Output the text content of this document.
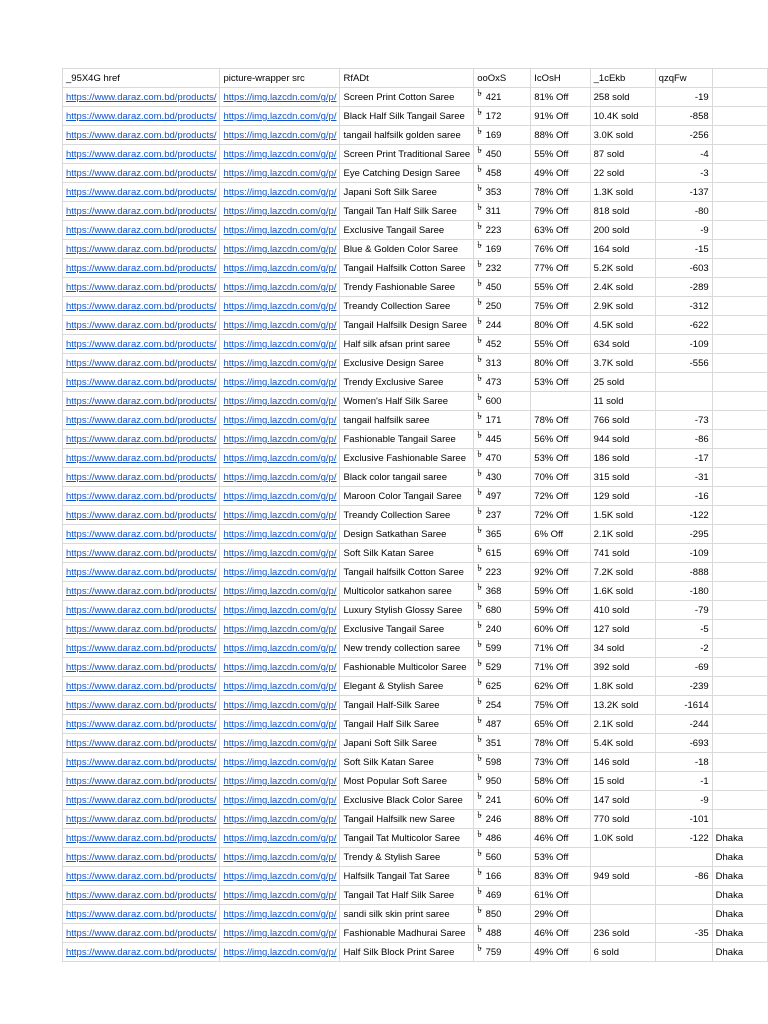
_95X4G href	picture-wrapper src	RfADt	ooOxS	IcOsH	_1cEkb	qzqFw	
https://www.daraz.com.bd/products/	https://img.lazcdn.com/g/p/	Screen Print Cotton Saree	৳ 421	81% Off	258 sold	-19	
https://www.daraz.com.bd/products/	https://img.lazcdn.com/g/p/	Black Half Silk Tangail Saree	৳ 172	91% Off	10.4K sold	-858	
https://www.daraz.com.bd/products/	https://img.lazcdn.com/g/p/	tangail halfsilk golden saree	৳ 169	88% Off	3.0K sold	-256	
https://www.daraz.com.bd/products/	https://img.lazcdn.com/g/p/	Screen Print Traditional Saree	৳ 450	55% Off	87 sold	-4	
https://www.daraz.com.bd/products/	https://img.lazcdn.com/g/p/	Eye Catching Design Saree	৳ 458	49% Off	22 sold	-3	
https://www.daraz.com.bd/products/	https://img.lazcdn.com/g/p/	Japani Soft Silk Saree	৳ 353	78% Off	1.3K sold	-137	
https://www.daraz.com.bd/products/	https://img.lazcdn.com/g/p/	Tangail Tan Half Silk Saree	৳ 311	79% Off	818 sold	-80	
https://www.daraz.com.bd/products/	https://img.lazcdn.com/g/p/	Exclusive Tangail Saree	৳ 223	63% Off	200 sold	-9	
https://www.daraz.com.bd/products/	https://img.lazcdn.com/g/p/	Blue & Golden Color Saree	৳ 169	76% Off	164 sold	-15	
https://www.daraz.com.bd/products/	https://img.lazcdn.com/g/p/	Tangail Halfsilk Cotton Saree	৳ 232	77% Off	5.2K sold	-603	
https://www.daraz.com.bd/products/	https://img.lazcdn.com/g/p/	Trendy Fashionable Saree	৳ 450	55% Off	2.4K sold	-289	
https://www.daraz.com.bd/products/	https://img.lazcdn.com/g/p/	Treandy Collection Saree	৳ 250	75% Off	2.9K sold	-312	
https://www.daraz.com.bd/products/	https://img.lazcdn.com/g/p/	Tangail Halfsilk Design Saree	৳ 244	80% Off	4.5K sold	-622	
https://www.daraz.com.bd/products/	https://img.lazcdn.com/g/p/	Half silk afsan print saree	৳ 452	55% Off	634 sold	-109	
https://www.daraz.com.bd/products/	https://img.lazcdn.com/g/p/	Exclusive Design Saree	৳ 313	80% Off	3.7K sold	-556	
https://www.daraz.com.bd/products/	https://img.lazcdn.com/g/p/	Trendy Exclusive Saree	৳ 473	53% Off	25 sold		
https://www.daraz.com.bd/products/	https://img.lazcdn.com/g/p/	Women's Half Silk Saree	৳ 600		11 sold		
https://www.daraz.com.bd/products/	https://img.lazcdn.com/g/p/	tangail halfsilk saree	৳ 171	78% Off	766 sold	-73	
https://www.daraz.com.bd/products/	https://img.lazcdn.com/g/p/	Fashionable Tangail Saree	৳ 445	56% Off	944 sold	-86	
https://www.daraz.com.bd/products/	https://img.lazcdn.com/g/p/	Exclusive Fashionable Saree	৳ 470	53% Off	186 sold	-17	
https://www.daraz.com.bd/products/	https://img.lazcdn.com/g/p/	Black color tangail saree	৳ 430	70% Off	315 sold	-31	
https://www.daraz.com.bd/products/	https://img.lazcdn.com/g/p/	Maroon Color Tangail Saree	৳ 497	72% Off	129 sold	-16	
https://www.daraz.com.bd/products/	https://img.lazcdn.com/g/p/	Treandy Collection Saree	৳ 237	72% Off	1.5K sold	-122	
https://www.daraz.com.bd/products/	https://img.lazcdn.com/g/p/	Design Satkathan Saree	৳ 365	6% Off	2.1K sold	-295	
https://www.daraz.com.bd/products/	https://img.lazcdn.com/g/p/	Soft Silk Katan Saree	৳ 615	69% Off	741 sold	-109	
https://www.daraz.com.bd/products/	https://img.lazcdn.com/g/p/	Tangail halfsilk Cotton Saree	৳ 223	92% Off	7.2K sold	-888	
https://www.daraz.com.bd/products/	https://img.lazcdn.com/g/p/	Multicolor satkahon saree	৳ 368	59% Off	1.6K sold	-180	
https://www.daraz.com.bd/products/	https://img.lazcdn.com/g/p/	Luxury Stylish Glossy Saree	৳ 680	59% Off	410 sold	-79	
https://www.daraz.com.bd/products/	https://img.lazcdn.com/g/p/	Exclusive Tangail Saree	৳ 240	60% Off	127 sold	-5	
https://www.daraz.com.bd/products/	https://img.lazcdn.com/g/p/	New trendy collection saree	৳ 599	71% Off	34 sold	-2	
https://www.daraz.com.bd/products/	https://img.lazcdn.com/g/p/	Fashionable Multicolor Saree	৳ 529	71% Off	392 sold	-69	
https://www.daraz.com.bd/products/	https://img.lazcdn.com/g/p/	Elegant & Stylish Saree	৳ 625	62% Off	1.8K sold	-239	
https://www.daraz.com.bd/products/	https://img.lazcdn.com/g/p/	Tangail Half-Silk Saree	৳ 254	75% Off	13.2K sold	-1614	
https://www.daraz.com.bd/products/	https://img.lazcdn.com/g/p/	Tangail Half Silk Saree	৳ 487	65% Off	2.1K sold	-244	
https://www.daraz.com.bd/products/	https://img.lazcdn.com/g/p/	Japani Soft Silk Saree	৳ 351	78% Off	5.4K sold	-693	
https://www.daraz.com.bd/products/	https://img.lazcdn.com/g/p/	Soft Silk Katan Saree	৳ 598	73% Off	146 sold	-18	
https://www.daraz.com.bd/products/	https://img.lazcdn.com/g/p/	Most Popular Soft Saree	৳ 950	58% Off	15 sold	-1	
https://www.daraz.com.bd/products/	https://img.lazcdn.com/g/p/	Exclusive Black Color Saree	৳ 241	60% Off	147 sold	-9	
https://www.daraz.com.bd/products/	https://img.lazcdn.com/g/p/	Tangail Halfsilk new Saree	৳ 246	88% Off	770 sold	-101	
https://www.daraz.com.bd/products/	https://img.lazcdn.com/g/p/	Tangail Tat Multicolor Saree	৳ 486	46% Off	1.0K sold	-122	Dhaka
https://www.daraz.com.bd/products/	https://img.lazcdn.com/g/p/	Trendy & Stylish Saree	৳ 560	53% Off			Dhaka
https://www.daraz.com.bd/products/	https://img.lazcdn.com/g/p/	Halfsilk Tangail Tat Saree	৳ 166	83% Off	949 sold	-86	Dhaka
https://www.daraz.com.bd/products/	https://img.lazcdn.com/g/p/	Tangail Tat Half Silk Saree	৳ 469	61% Off			Dhaka
https://www.daraz.com.bd/products/	https://img.lazcdn.com/g/p/	sandi silk skin print saree	৳ 850	29% Off			Dhaka
https://www.daraz.com.bd/products/	https://img.lazcdn.com/g/p/	Fashionable Madhurai Saree	৳ 488	46% Off	236 sold	-35	Dhaka
https://www.daraz.com.bd/products/	https://img.lazcdn.com/g/p/	Half Silk Block Print Saree	৳ 759	49% Off	6 sold		Dhaka
